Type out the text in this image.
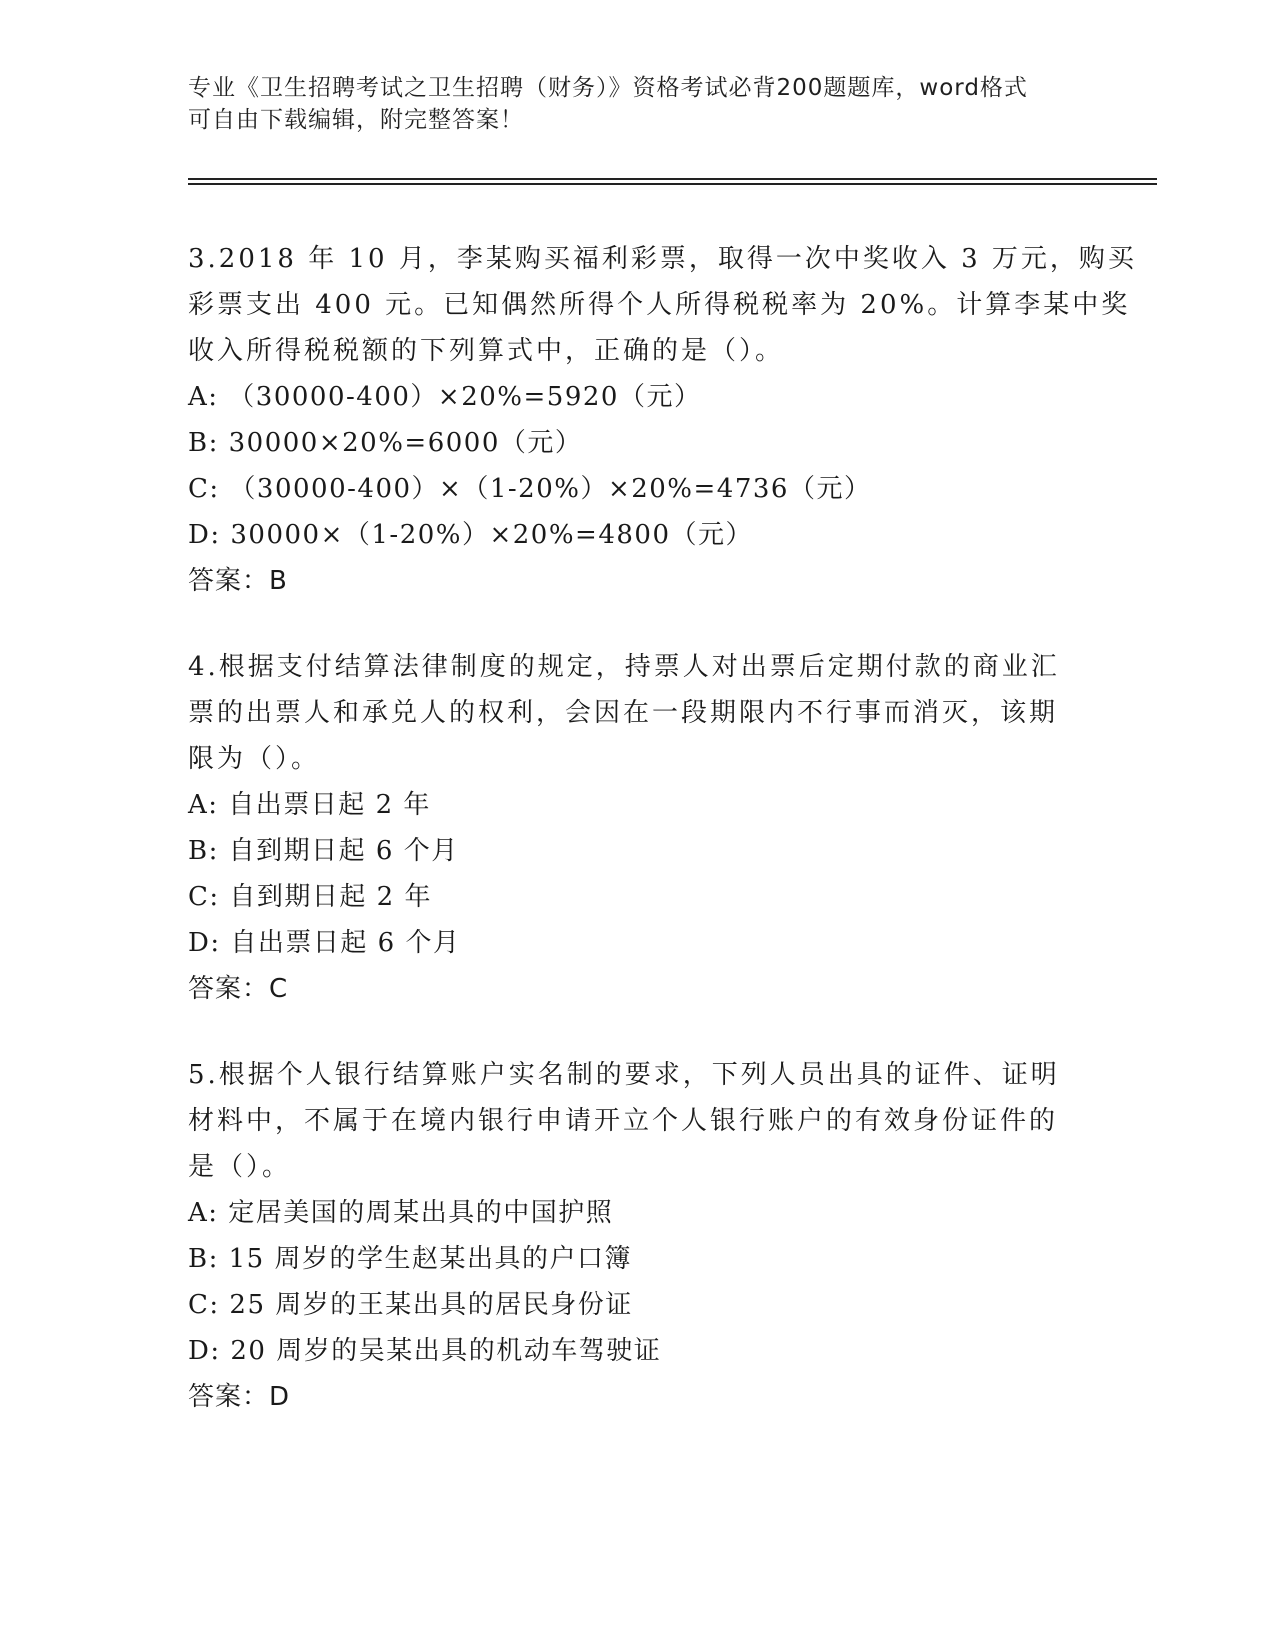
专业《卫生招聘考试之卫生招聘（财务）》资格考试必背200题题库，word格式
可自由下载编辑，附完整答案！
3.2018 年 10 月，李某购买福利彩票，取得一次中奖收入 3 万元，购买
彩票支出 400 元。已知偶然所得个人所得税税率为 20%。计算李某中奖
收入所得税税额的下列算式中，正确的是（）。
A: （30000-400）×20%=5920（元）
B: 30000×20%=6000（元）
C: （30000-400）×（1-20%）×20%=4736（元）
D: 30000×（1-20%）×20%=4800（元）
答案：B
4.根据支付结算法律制度的规定，持票人对出票后定期付款的商业汇
票的出票人和承兑人的权利，会因在一段期限内不行事而消灭，该期
限为（）。
A: 自出票日起 2 年
B: 自到期日起 6 个月
C: 自到期日起 2 年
D: 自出票日起 6 个月
答案：C
5.根据个人银行结算账户实名制的要求，下列人员出具的证件、证明
材料中，不属于在境内银行申请开立个人银行账户的有效身份证件的
是（）。
A: 定居美国的周某出具的中国护照
B: 15 周岁的学生赵某出具的户口簿
C: 25 周岁的王某出具的居民身份证
D: 20 周岁的吴某出具的机动车驾驶证
答案：D
